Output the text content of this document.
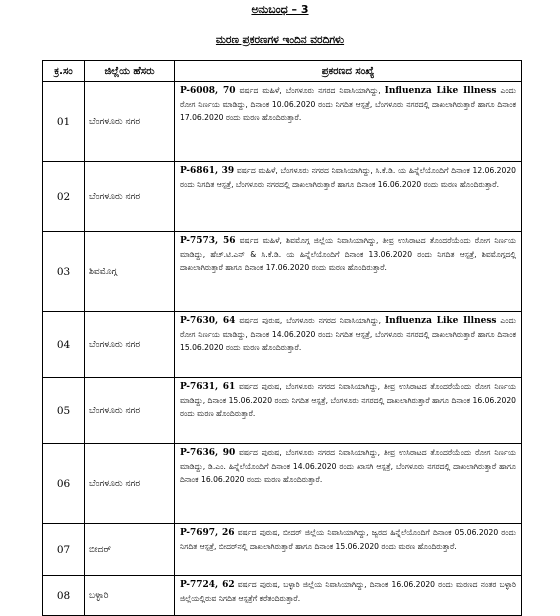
ಅನುಬಂಧ – 3
ಮರಣ ಪ್ರಕರಣಗಳ ಇಂದಿನ ವರದಿಗಳು
ಕ್ರ.ಸಂ	ಜಿಲ್ಲೆಯ ಹೆಸರು	ಪ್ರಕರಣದ ಸಂಖ್ಯೆ
01	ಬೆಂಗಳೂರು ನಗರ	P-6008, 70 ವರ್ಷದ ಮಹಿಳೆ, ಬೆಂಗಳೂರು ನಗರದ ನಿವಾಸಿಯಾಗಿದ್ದು, Influenza Like Illness ಎಂದು ರೋಗ ನಿರ್ಣಯ ಮಾಡಿದ್ದು, ದಿನಾಂಕ 10.06.2020 ರಂದು ನಿಗದಿತ ಆಸ್ಪತ್ರೆ, ಬೆಂಗಳೂರು ನಗರದಲ್ಲಿ ದಾಖಲಾಗಿರುತ್ತಾರೆ ಹಾಗೂ ದಿನಾಂಕ 17.06.2020 ರಂದು ಮರಣ ಹೊಂದಿರುತ್ತಾರೆ.
02	ಬೆಂಗಳೂರು ನಗರ	P-6861, 39 ವರ್ಷದ ಮಹಿಳೆ, ಬೆಂಗಳೂರು ನಗರದ ನಿವಾಸಿಯಾಗಿದ್ದು, ಸಿ.ಕೆ.ಡಿ. ಯ ಹಿನ್ನೆಲೆಯೊಂದಿಗೆ ದಿನಾಂಕ 12.06.2020 ರಂದು ನಿಗದಿತ ಆಸ್ಪತ್ರೆ, ಬೆಂಗಳೂರು ನಗರದಲ್ಲಿ ದಾಖಲಾಗಿರುತ್ತಾರೆ ಹಾಗೂ ದಿನಾಂಕ 16.06.2020 ರಂದು ಮರಣ ಹೊಂದಿರುತ್ತಾರೆ.
03	ಶಿವಮೊಗ್ಗ	P-7573, 56 ವರ್ಷದ ಮಹಿಳೆ, ಶಿವಮೊಗ್ಗ ಜಿಲ್ಲೆಯ ನಿವಾಸಿಯಾಗಿದ್ದು, ತೀವ್ರ ಉಸಿರಾಟದ ತೊಂದರೆಯೆಂದು ರೋಗ ನಿರ್ಣಯ ಮಾಡಿದ್ದು, ಹೆಚ್.ಟಿ.ಎನ್ & ಸಿ.ಕೆ.ಡಿ. ಯ ಹಿನ್ನೆಲೆಯೊಂದಿಗೆ ದಿನಾಂಕ 13.06.2020 ರಂದು ನಿಗದಿತ ಆಸ್ಪತ್ರೆ, ಶಿವಮೊಗ್ಗದಲ್ಲಿ ದಾಖಲಾಗಿರುತ್ತಾರೆ ಹಾಗೂ ದಿನಾಂಕ 17.06.2020 ರಂದು ಮರಣ ಹೊಂದಿರುತ್ತಾರೆ.
04	ಬೆಂಗಳೂರು ನಗರ	P-7630, 64 ವರ್ಷದ ಪುರುಷ, ಬೆಂಗಳೂರು ನಗರದ ನಿವಾಸಿಯಾಗಿದ್ದು, Influenza Like Illness ಎಂದು ರೋಗ ನಿರ್ಣಯ ಮಾಡಿದ್ದು, ದಿನಾಂಕ 14.06.2020 ರಂದು ನಿಗದಿತ ಆಸ್ಪತ್ರೆ, ಬೆಂಗಳೂರು ನಗರದಲ್ಲಿ ದಾಖಲಾಗಿರುತ್ತಾರೆ ಹಾಗೂ ದಿನಾಂಕ 15.06.2020 ರಂದು ಮರಣ ಹೊಂದಿರುತ್ತಾರೆ.
05	ಬೆಂಗಳೂರು ನಗರ	P-7631, 61 ವರ್ಷದ ಪುರುಷ, ಬೆಂಗಳೂರು ನಗರದ ನಿವಾಸಿಯಾಗಿದ್ದು, ತೀವ್ರ ಉಸಿರಾಟದ ತೊಂದರೆಯೆಂದು ರೋಗ ನಿರ್ಣಯ ಮಾಡಿದ್ದು, ದಿನಾಂಕ 15.06.2020 ರಂದು ನಿಗದಿತ ಆಸ್ಪತ್ರೆ, ಬೆಂಗಳೂರು ನಗರದಲ್ಲಿ ದಾಖಲಾಗಿರುತ್ತಾರೆ ಹಾಗೂ ದಿನಾಂಕ 16.06.2020 ರಂದು ಮರಣ ಹೊಂದಿರುತ್ತಾರೆ.
06	ಬೆಂಗಳೂರು ನಗರ	P-7636, 90 ವರ್ಷದ ಪುರುಷ, ಬೆಂಗಳೂರು ನಗರದ ನಿವಾಸಿಯಾಗಿದ್ದು, ತೀವ್ರ ಉಸಿರಾಟದ ತೊಂದರೆಯೆಂದು ರೋಗ ನಿರ್ಣಯ ಮಾಡಿದ್ದು, ಡಿ.ಎಂ. ಹಿನ್ನೆಲೆಯೊಂದಿಗೆ ದಿನಾಂಕ 14.06.2020 ರಂದು ಖಾಸಗಿ ಆಸ್ಪತ್ರೆ, ಬೆಂಗಳೂರು ನಗರದಲ್ಲಿ ದಾಖಲಾಗಿರುತ್ತಾರೆ ಹಾಗೂ ದಿನಾಂಕ 16.06.2020 ರಂದು ಮರಣ ಹೊಂದಿರುತ್ತಾರೆ.
07	ಬೀದರ್	P-7697, 26 ವರ್ಷದ ಪುರುಷ, ಬೀದರ್ ಜಿಲ್ಲೆಯ ನಿವಾಸಿಯಾಗಿದ್ದು, ಜ್ವರದ ಹಿನ್ನೆಲೆಯೊಂದಿಗೆ ದಿನಾಂಕ 05.06.2020 ರಂದು ನಿಗದಿತ ಆಸ್ಪತ್ರೆ, ಬೀದರ್‌ನಲ್ಲಿ ದಾಖಲಾಗಿರುತ್ತಾರೆ ಹಾಗೂ ದಿನಾಂಕ 15.06.2020 ರಂದು ಮರಣ ಹೊಂದಿರುತ್ತಾರೆ.
08	ಬಳ್ಳಾರಿ	P-7724, 62 ವರ್ಷದ ಪುರುಷ, ಬಳ್ಳಾರಿ ಜಿಲ್ಲೆಯ ನಿವಾಸಿಯಾಗಿದ್ದು, ದಿನಾಂಕ 16.06.2020 ರಂದು ಮರಣದ ನಂತರ ಬಳ್ಳಾರಿ ಜಿಲ್ಲೆಯಲ್ಲಿರುವ ನಿಗದಿತ ಆಸ್ಪತ್ರೆಗೆ ಕರೆತಂದಿರುತ್ತಾರೆ.
